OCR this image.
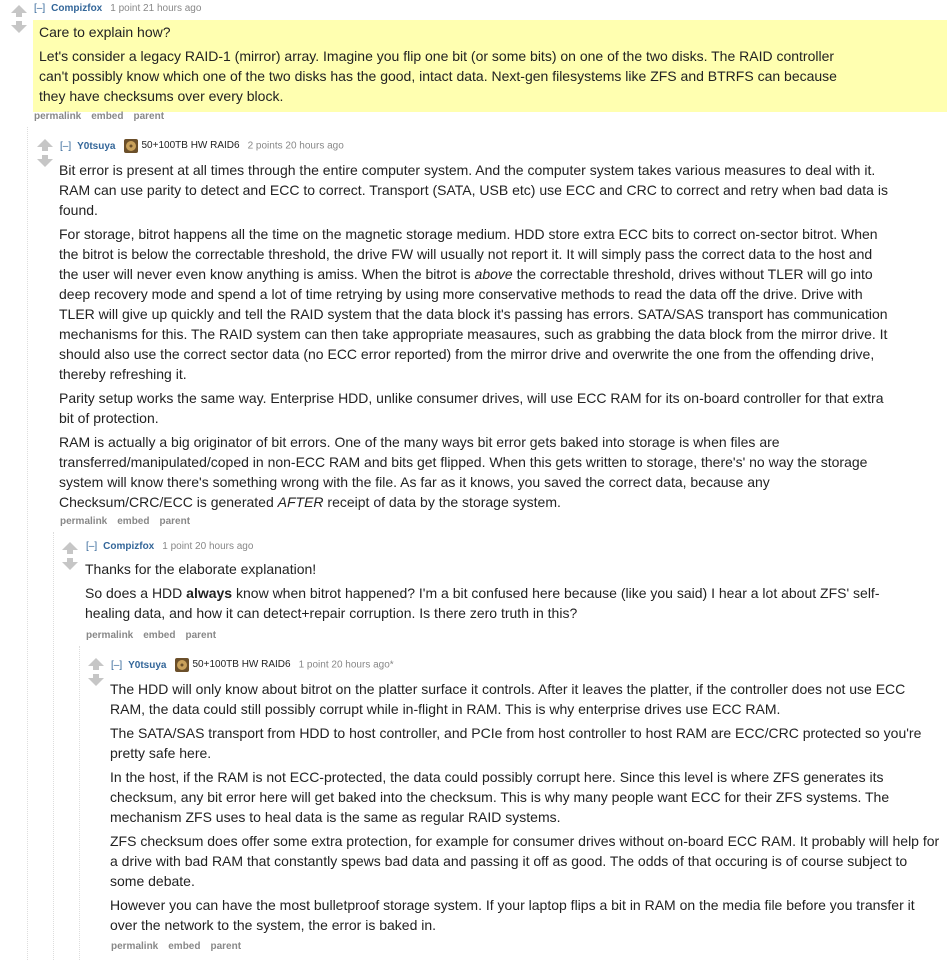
[–] Compizfox 1 point 21 hours ago

Care to explain how?

Let's consider a legacy RAID-1 (mirror) array. Imagine you flip one bit (or some bits) on one of the two disks. The RAID controller can't possibly know which one of the two disks has the good, intact data. Next-gen filesystems like ZFS and BTRFS can because they have checksums over every block.

permalink embed parent
[–] Y0tsuya	50+100TB HW RAID6 2 points 20 hours ago

Bit error is present at all times through the entire computer system. And the computer system takes various measures to deal with it. RAM can use parity to detect and ECC to correct. Transport (SATA, USB etc) use ECC and CRC to correct and retry when bad data is found.

For storage, bitrot happens all the time on the magnetic storage medium. HDD store extra ECC bits to correct on-sector bitrot. When the bitrot is below the correctable threshold, the drive FW will usually not report it. It will simply pass the correct data to the host and the user will never even know anything is amiss. When the bitrot is above the correctable threshold, drives without TLER will go into deep recovery mode and spend a lot of time retrying by using more conservative methods to read the data off the drive. Drive with TLER will give up quickly and tell the RAID system that the data block it's passing has errors. SATA/SAS transport has communication mechanisms for this. The RAID system can then take appropriate measaures, such as grabbing the data block from the mirror drive. It should also use the correct sector data (no ECC error reported) from the mirror drive and overwrite the one from the offending drive, thereby refreshing it.

Parity setup works the same way. Enterprise HDD, unlike consumer drives, will use ECC RAM for its on-board controller for that extra bit of protection.

RAM is actually a big originator of bit errors. One of the many ways bit error gets baked into storage is when files are transferred/manipulated/coped in non-ECC RAM and bits get flipped. When this gets written to storage, there's' no way the storage system will know there's something wrong with the file. As far as it knows, you saved the correct data, because any Checksum/CRC/ECC is generated AFTER receipt of data by the storage system.

permalink embed parent
[–] Compizfox 1 point 20 hours ago

Thanks for the elaborate explanation!

So does a HDD always know when bitrot happened? I'm a bit confused here because (like you said) I hear a lot about ZFS' self-healing data, and how it can detect+repair corruption. Is there zero truth in this?

permalink embed parent
[–] Y0tsuya	50+100TB HW RAID6 1 point 20 hours ago*

The HDD will only know about bitrot on the platter surface it controls. After it leaves the platter, if the controller does not use ECC RAM, the data could still possibly corrupt while in-flight in RAM. This is why enterprise drives use ECC RAM.

The SATA/SAS transport from HDD to host controller, and PCIe from host controller to host RAM are ECC/CRC protected so you're pretty safe here.

In the host, if the RAM is not ECC-protected, the data could possibly corrupt here. Since this level is where ZFS generates its checksum, any bit error here will get baked into the checksum. This is why many people want ECC for their ZFS systems. The mechanism ZFS uses to heal data is the same as regular RAID systems.

ZFS checksum does offer some extra protection, for example for consumer drives without on-board ECC RAM. It probably will help for a drive with bad RAM that constantly spews bad data and passing it off as good. The odds of that occuring is of course subject to some debate.

However you can have the most bulletproof storage system. If your laptop flips a bit in RAM on the media file before you transfer it over the network to the system, the error is baked in.

permalink embed parent
